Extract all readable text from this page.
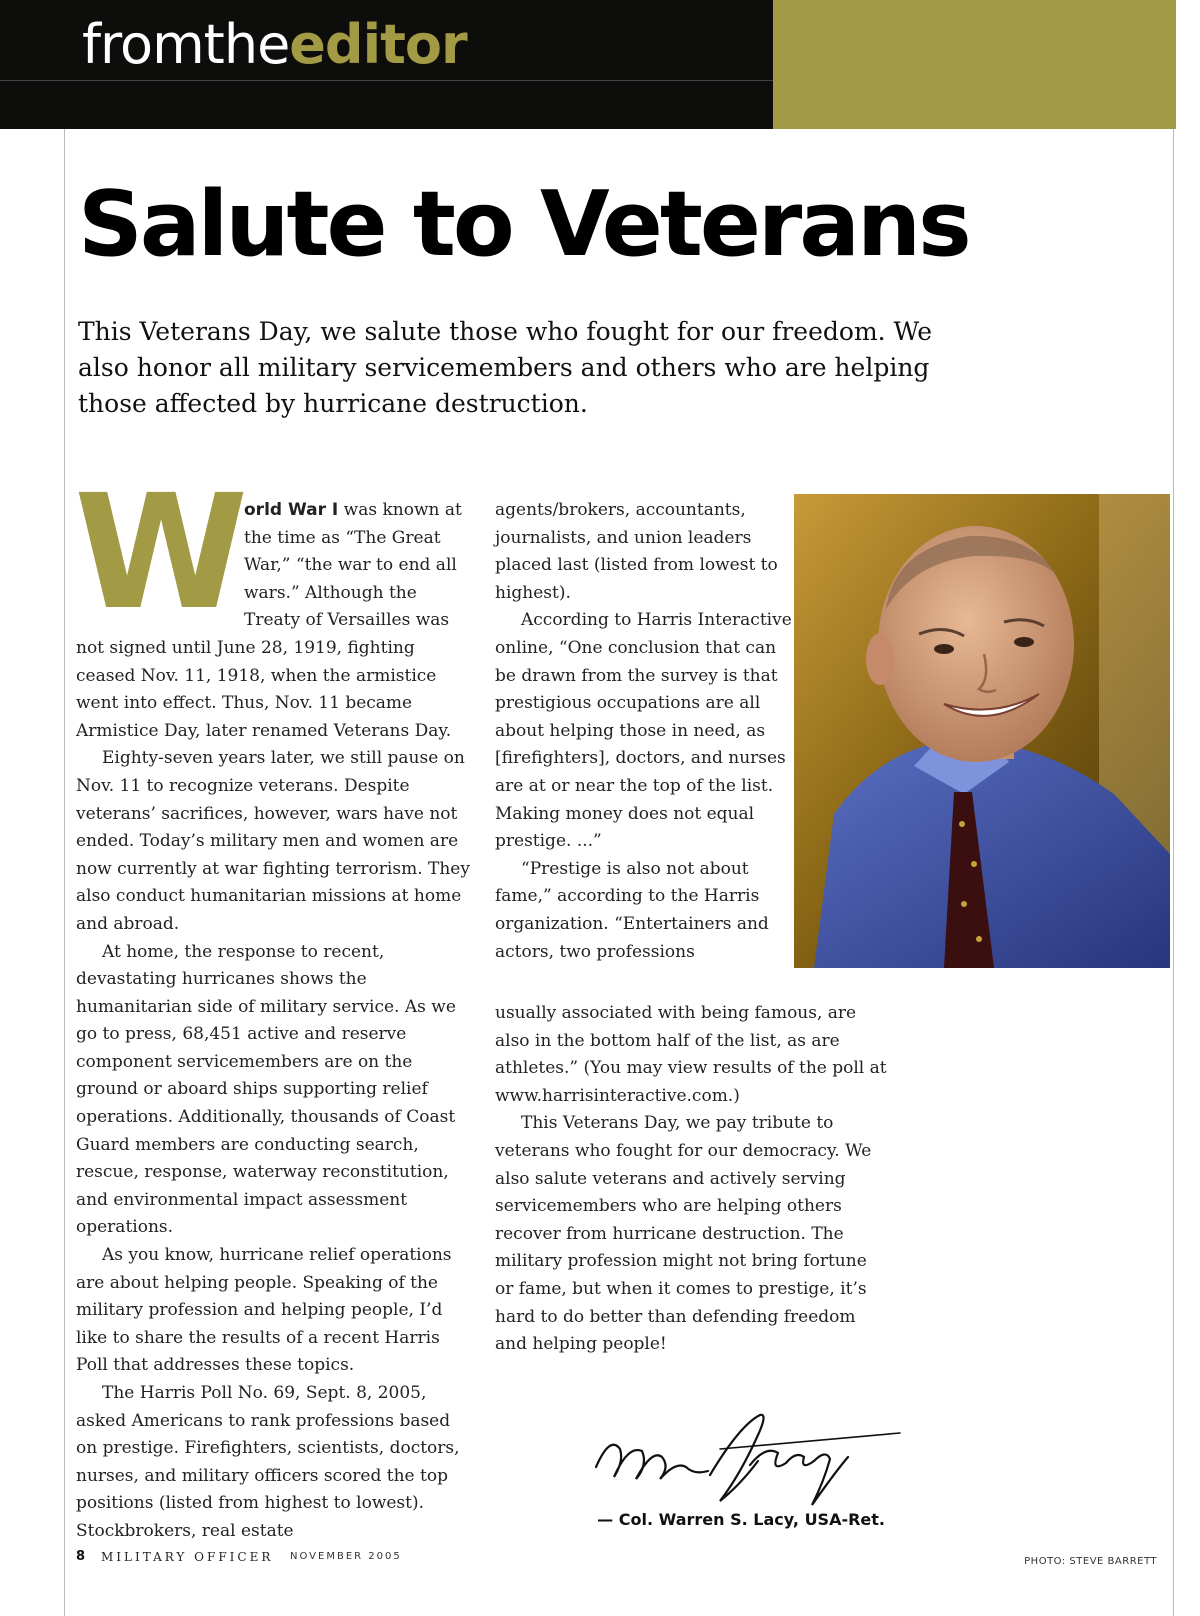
fromtheeditor
Salute to Veterans

This Veterans Day, we salute those who fought for our freedom. We also honor all military servicemembers and others who are helping those affected by hurricane destruction.

World War I was known at the time as “The Great War,” “the war to end all wars.” Although the Treaty of Versailles was not signed until June 28, 1919, fighting ceased Nov. 11, 1918, when the armistice went into effect. Thus, Nov. 11 became Armistice Day, later renamed Veterans Day.

Eighty-seven years later, we still pause on Nov. 11 to recognize veterans. Despite veterans’ sacrifices, however, wars have not ended. Today’s military men and women are now currently at war fighting terrorism. They also conduct humanitarian missions at home and abroad.

At home, the response to recent, devastating hurricanes shows the humanitarian side of military service. As we go to press, 68,451 active and reserve component servicemembers are on the ground or aboard ships supporting relief operations. Additionally, thousands of Coast Guard members are conducting search, rescue, response, waterway reconstitution, and environmental impact assessment operations.

As you know, hurricane relief operations are about helping people. Speaking of the military profession and helping people, I’d like to share the results of a recent Harris Poll that addresses these topics.

The Harris Poll No. 69, Sept. 8, 2005, asked Americans to rank professions based on prestige. Firefighters, scientists, doctors, nurses, and military officers scored the top positions (listed from highest to lowest). Stockbrokers, real estate

agents/brokers, accountants, journalists, and union leaders placed last (listed from lowest to highest).

According to Harris Interactive online, “One conclusion that can be drawn from the survey is that prestigious occupations are all about helping those in need, as [firefighters], doctors, and nurses are at or near the top of the list. Making money does not equal prestige. ...”

“Prestige is also not about fame,” according to the Harris organization. “Entertainers and actors, two professions

usually associated with being famous, are also in the bottom half of the list, as are athletes.” (You may view results of the poll at www.harrisinteractive.com.)

This Veterans Day, we pay tribute to veterans who fought for our democracy. We also salute veterans and actively serving servicemembers who are helping others recover from hurricane destruction. The military profession might not bring fortune or fame, but when it comes to prestige, it’s hard to do better than defending freedom and helping people!

— Col. Warren S. Lacy, USA-Ret.
8 MILITARY OFFICER NOVEMBER 2005	PHOTO: STEVE BARRETT
